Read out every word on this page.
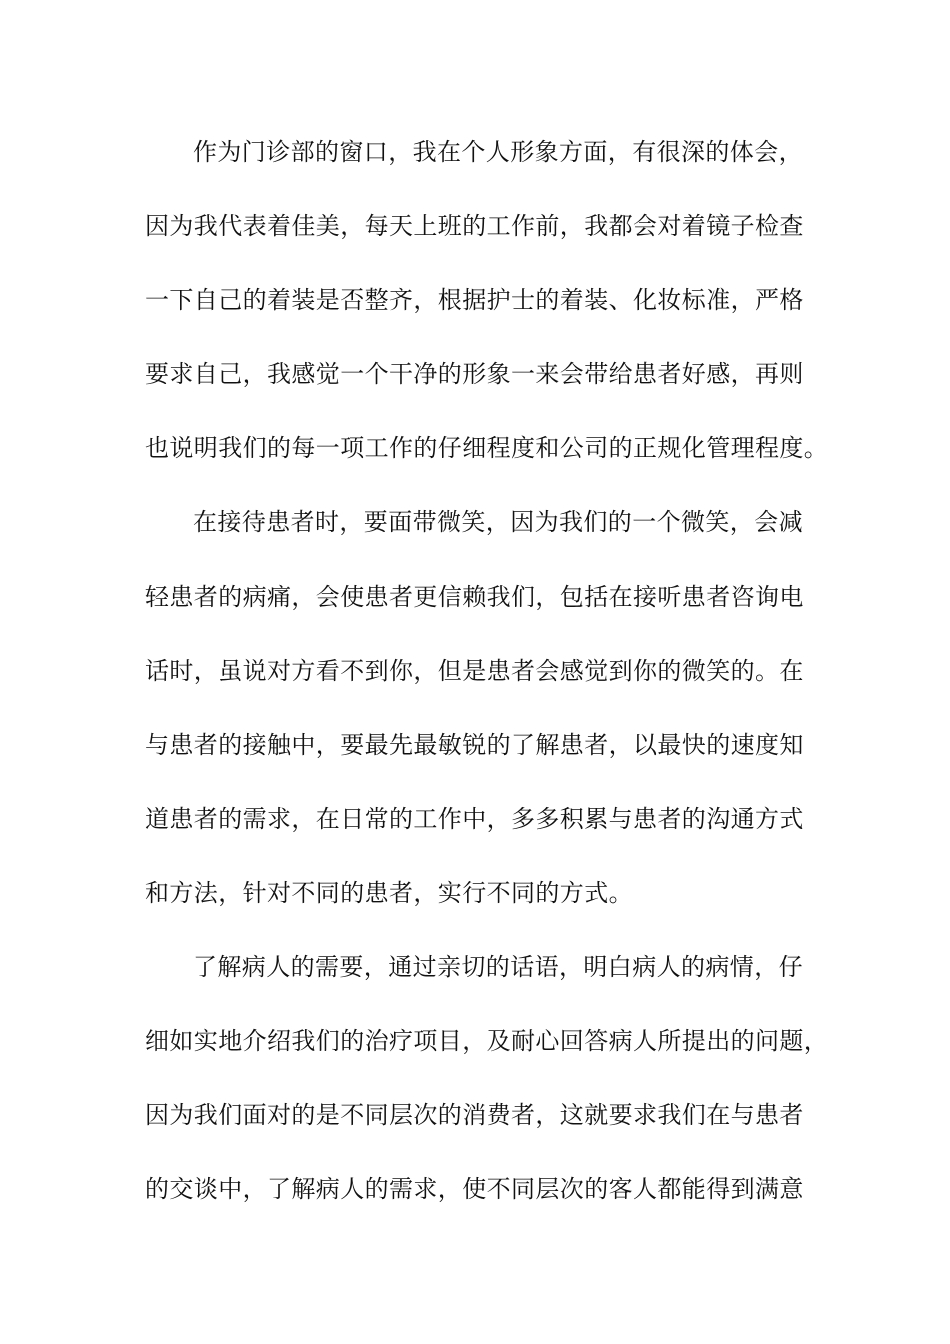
作为门诊部的窗口，我在个人形象方面，有很深的体会，
因为我代表着佳美，每天上班的工作前，我都会对着镜子检查
一下自己的着装是否整齐，根据护士的着装、化妆标准，严格
要求自己，我感觉一个干净的形象一来会带给患者好感，再则
也说明我们的每一项工作的仔细程度和公司的正规化管理程度。
在接待患者时，要面带微笑，因为我们的一个微笑，会减
轻患者的病痛，会使患者更信赖我们，包括在接听患者咨询电
话时，虽说对方看不到你，但是患者会感觉到你的微笑的。在
与患者的接触中，要最先最敏锐的了解患者，以最快的速度知
道患者的需求，在日常的工作中，多多积累与患者的沟通方式
和方法，针对不同的患者，实行不同的方式。
了解病人的需要，通过亲切的话语，明白病人的病情，仔
细如实地介绍我们的治疗项目，及耐心回答病人所提出的问题，
因为我们面对的是不同层次的消费者，这就要求我们在与患者
的交谈中，了解病人的需求，使不同层次的客人都能得到满意
